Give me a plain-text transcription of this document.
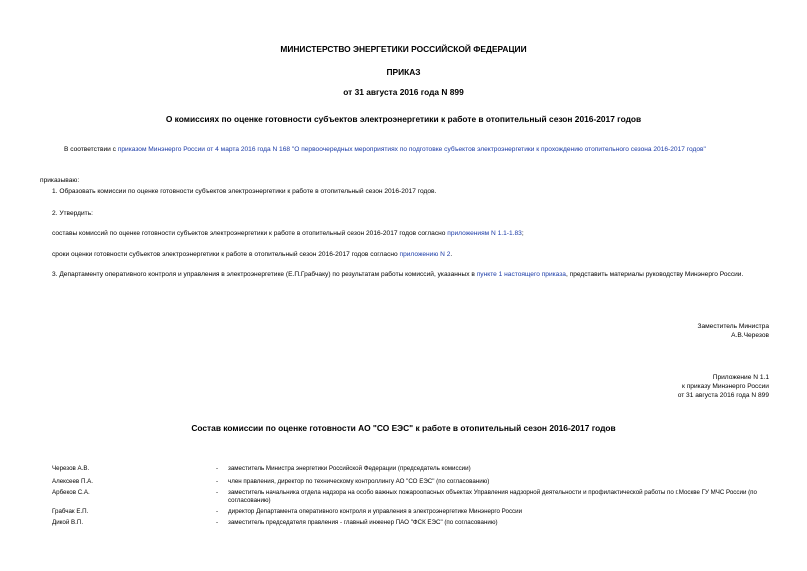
МИНИСТЕРСТВО ЭНЕРГЕТИКИ РОССИЙСКОЙ ФЕДЕРАЦИИ
ПРИКАЗ
от 31 августа 2016 года N 899
О комиссиях по оценке готовности субъектов электроэнергетики к работе в отопительный сезон 2016-2017 годов
В соответствии с приказом Минэнерго России от 4 марта 2016 года N 168 "О первоочередных мероприятиях по подготовке субъектов электроэнергетики к прохождению отопительного сезона 2016-2017 годов"
приказываю:
1. Образовать комиссии по оценке готовности субъектов электроэнергетики к работе в отопительный сезон 2016-2017 годов.
2. Утвердить:
составы комиссий по оценке готовности субъектов электроэнергетики к работе в отопительный сезон 2016-2017 годов согласно приложениям N 1.1-1.83;
сроки оценки готовности субъектов электроэнергетики к работе в отопительный сезон 2016-2017 годов согласно приложению N 2.
3. Департаменту оперативного контроля и управления в электроэнергетике (Е.П.Грабчаку) по результатам работы комиссий, указанных в пункте 1 настоящего приказа, представить материалы руководству Минэнерго России.
Заместитель Министра
А.В.Черезов
Приложение N 1.1
к приказу Минэнерго России
от 31 августа 2016 года N 899
Состав комиссии по оценке готовности АО "СО ЕЭС" к работе в отопительный сезон 2016-2017 годов
Черезов А.В.	-	заместитель Министра энергетики Российской Федерации (председатель комиссии)
Алексеев П.А.	-	член правления, директор по техническому контроллингу АО "СО ЕЭС" (по согласованию)
Арбеков С.А.	-	заместитель начальника отдела надзора на особо важных пожароопасных объектах Управления надзорной деятельности и профилактической работы по г.Москве ГУ МЧС России (по согласованию)
Грабчак Е.П.	-	директор Департамента оперативного контроля и управления в электроэнергетике Минэнерго России
Дикой В.П.	-	заместитель председателя правления - главный инженер ПАО "ФСК ЕЭС" (по согласованию)
